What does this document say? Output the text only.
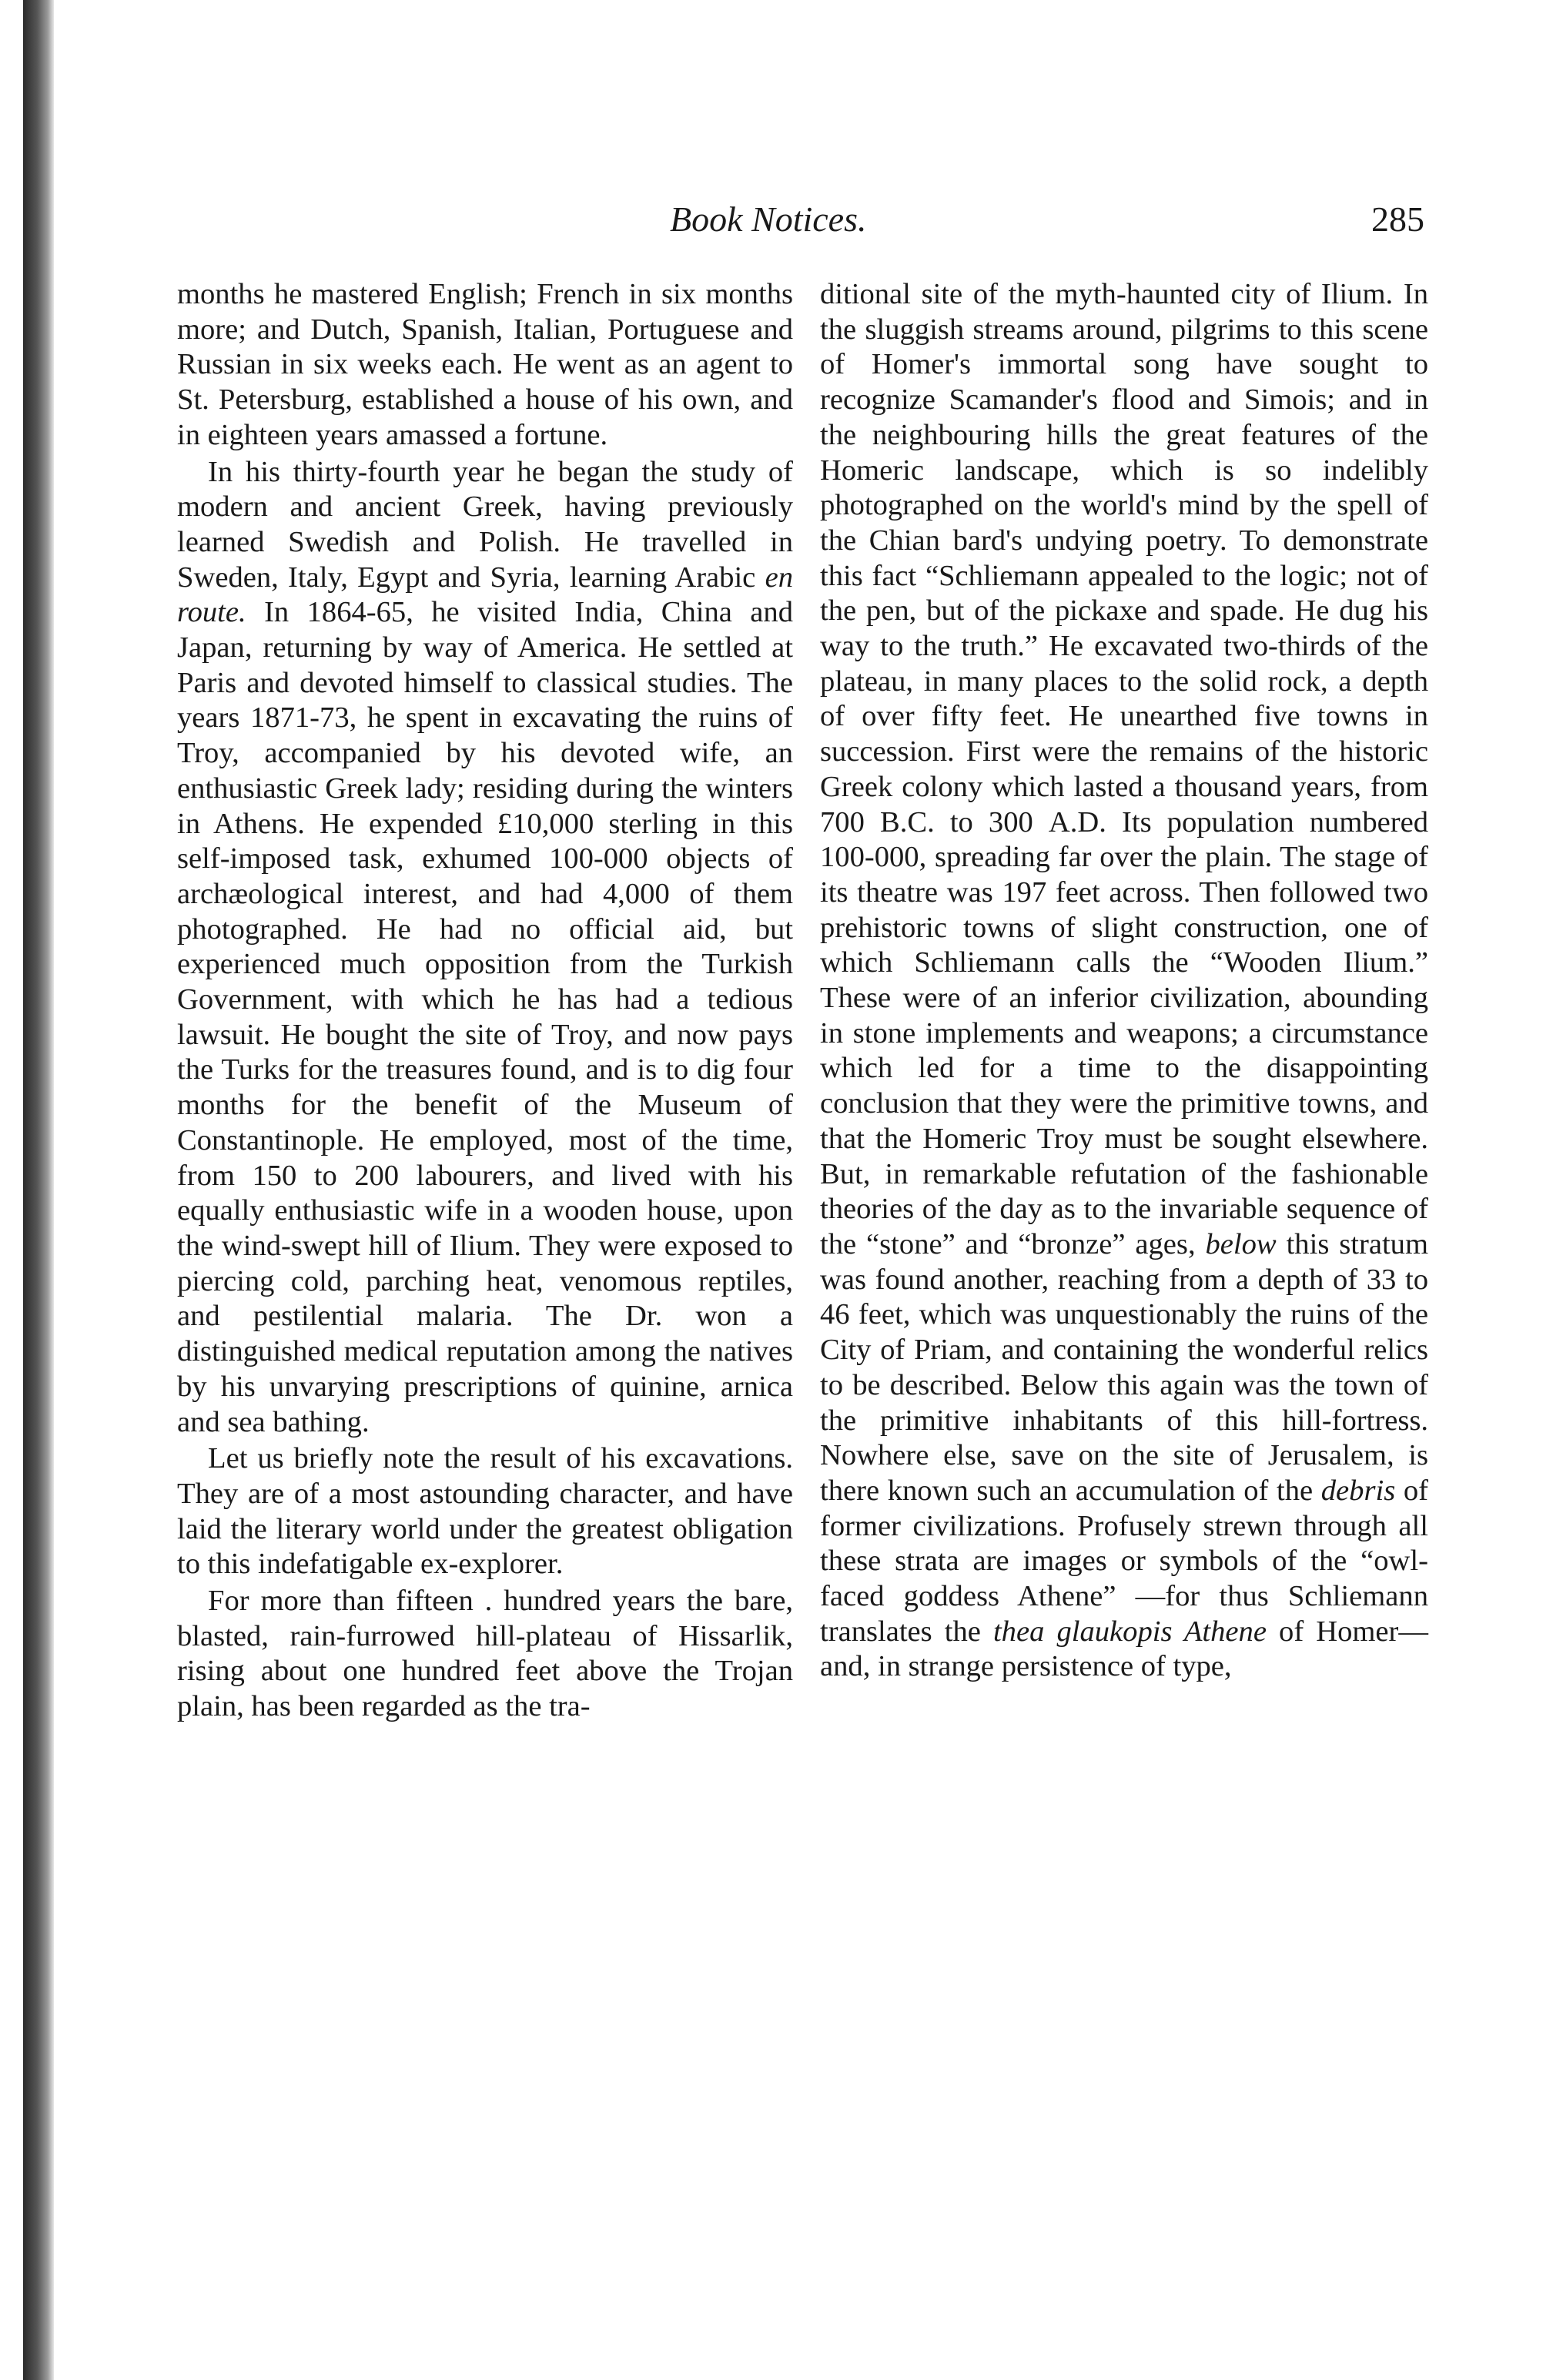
Book Notices.	285

months he mastered English; French in six months more; and Dutch, Spanish, Italian, Portuguese and Russian in six weeks each. He went as an agent to St. Petersburg, established a house of his own, and in eighteen years amassed a fortune.

In his thirty-fourth year he began the study of modern and ancient Greek, having previously learned Swedish and Polish. He travelled in Sweden, Italy, Egypt and Syria, learning Arabic en route. In 1864-65, he visited India, China and Japan, returning by way of America. He settled at Paris and devoted himself to classical studies. The years 1871-73, he spent in excavating the ruins of Troy, accompanied by his devoted wife, an enthusiastic Greek lady; residing during the winters in Athens. He expended £10,000 sterling in this self-imposed task, exhumed 100-000 objects of archæological interest, and had 4,000 of them photographed. He had no official aid, but experienced much opposition from the Turkish Government, with which he has had a tedious lawsuit. He bought the site of Troy, and now pays the Turks for the treasures found, and is to dig four months for the benefit of the Museum of Constantinople. He employed, most of the time, from 150 to 200 labourers, and lived with his equally enthusiastic wife in a wooden house, upon the wind-swept hill of Ilium. They were exposed to piercing cold, parching heat, venomous reptiles, and pestilential malaria. The Dr. won a distinguished medical reputation among the natives by his unvarying prescriptions of quinine, arnica and sea bathing.

Let us briefly note the result of his excavations. They are of a most astounding character, and have laid the literary world under the greatest obligation to this indefatigable ex-explorer.

For more than fifteen . hundred years the bare, blasted, rain-furrowed hill-plateau of Hissarlik, rising about one hundred feet above the Trojan plain, has been regarded as the tra-

ditional site of the myth-haunted city of Ilium. In the sluggish streams around, pilgrims to this scene of Homer's immortal song have sought to recognize Scamander's flood and Simois; and in the neighbouring hills the great features of the Homeric landscape, which is so indelibly photographed on the world's mind by the spell of the Chian bard's undying poetry. To demonstrate this fact “Schliemann appealed to the logic; not of the pen, but of the pickaxe and spade. He dug his way to the truth.” He excavated two-thirds of the plateau, in many places to the solid rock, a depth of over fifty feet. He unearthed five towns in succession. First were the remains of the historic Greek colony which lasted a thousand years, from 700 B.C. to 300 A.D. Its population numbered 100-000, spreading far over the plain. The stage of its theatre was 197 feet across. Then followed two prehistoric towns of slight construction, one of which Schliemann calls the “Wooden Ilium.” These were of an inferior civilization, abounding in stone implements and weapons; a circumstance which led for a time to the disappointing conclusion that they were the primitive towns, and that the Homeric Troy must be sought elsewhere. But, in remarkable refutation of the fashionable theories of the day as to the invariable sequence of the “stone” and “bronze” ages, below this stratum was found another, reaching from a depth of 33 to 46 feet, which was unquestionably the ruins of the City of Priam, and containing the wonderful relics to be described. Below this again was the town of the primitive inhabitants of this hill-fortress. Nowhere else, save on the site of Jerusalem, is there known such an accumulation of the debris of former civilizations. Profusely strewn through all these strata are images or symbols of the “owl-faced goddess Athene” —for thus Schliemann translates the thea glaukopis Athene of Homer—and, in strange persistence of type,
